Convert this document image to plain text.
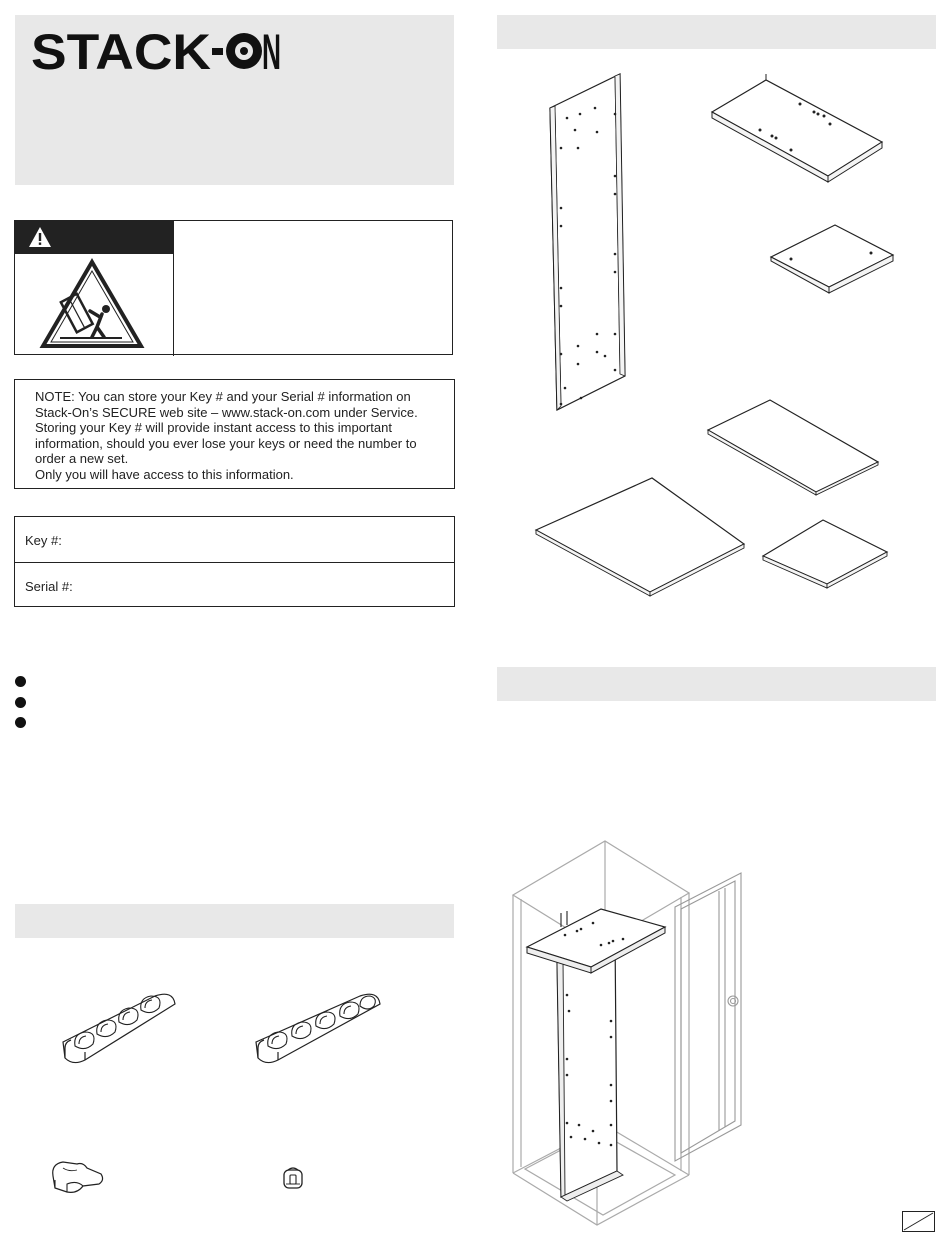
STACK N

NOTE: You can store your Key # and your Serial # information on

Stack-On’s SECURE web site – www.stack-on.com under Service.

Storing your Key # will provide instant access to this important

information, should you ever lose your keys or need the number to

order a new set.

Only you will have access to this information.

Key #:
Serial #:
